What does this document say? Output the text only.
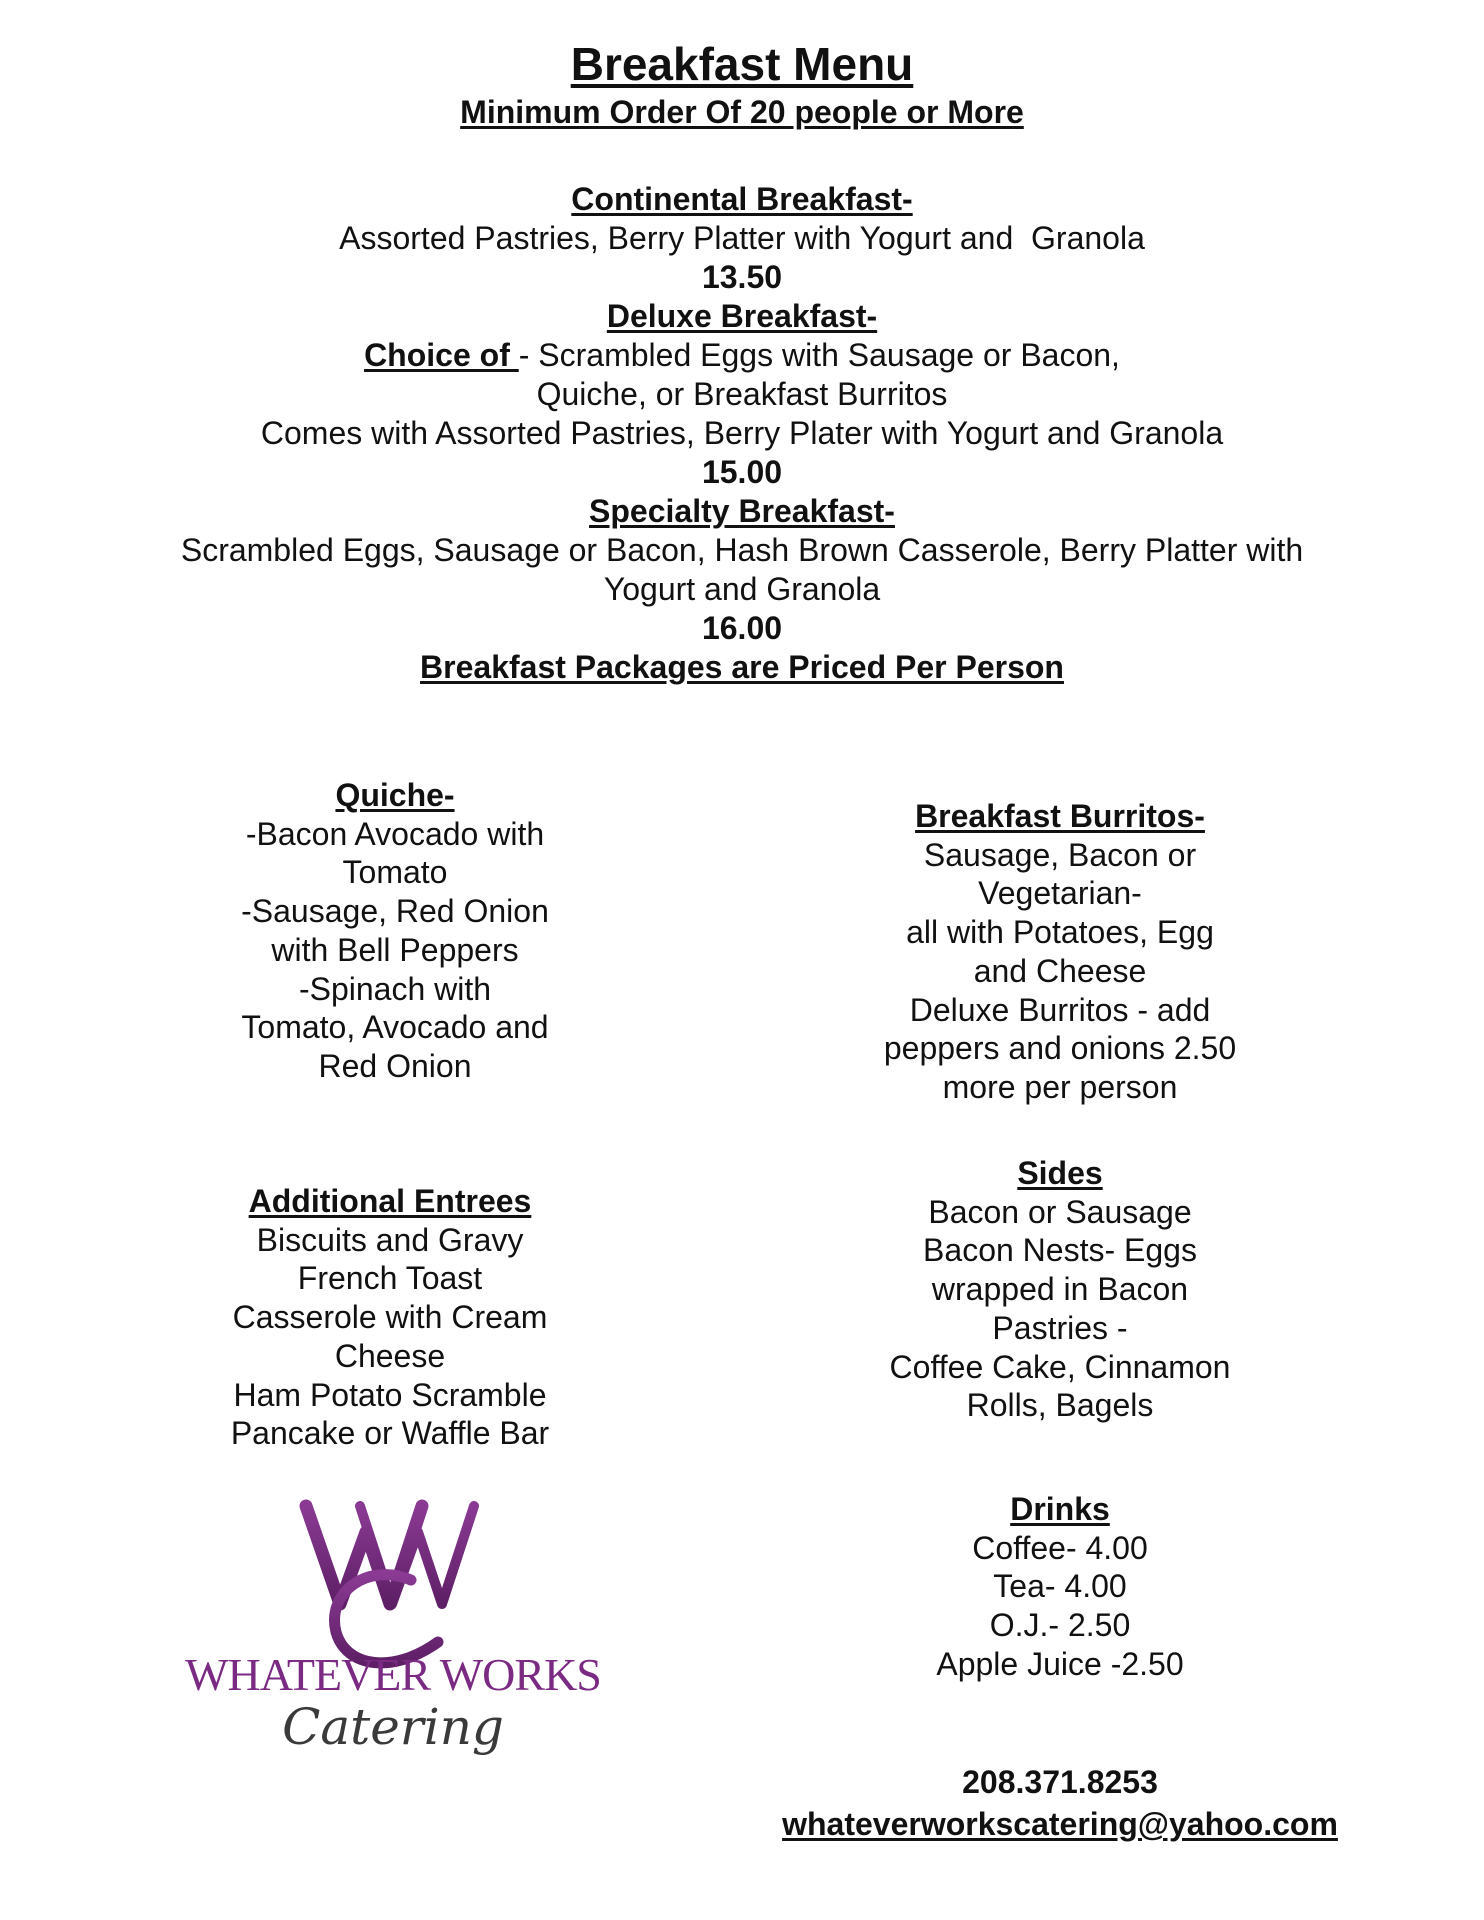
Breakfast Menu

Minimum Order Of 20 people or More

Continental Breakfast-

Assorted Pastries, Berry Platter with Yogurt and  Granola

13.50

Deluxe Breakfast-

Choice of - Scrambled Eggs with Sausage or Bacon,

Quiche, or Breakfast Burritos

Comes with Assorted Pastries, Berry Plater with Yogurt and Granola

15.00

Specialty Breakfast-

Scrambled Eggs, Sausage or Bacon, Hash Brown Casserole, Berry Platter with

Yogurt and Granola

16.00

Breakfast Packages are Priced Per Person

Quiche-

-Bacon Avocado with

Tomato

-Sausage, Red Onion

with Bell Peppers

-Spinach with

Tomato, Avocado and

Red Onion

Breakfast Burritos-

Sausage, Bacon or

Vegetarian-

all with Potatoes, Egg

and Cheese

Deluxe Burritos - add

peppers and onions 2.50

more per person

Additional Entrees

Biscuits and Gravy

French Toast

Casserole with Cream

Cheese

Ham Potato Scramble

Pancake or Waffle Bar

Sides

Bacon or Sausage

Bacon Nests- Eggs

wrapped in Bacon

Pastries -

Coffee Cake, Cinnamon

Rolls, Bagels

Drinks

Coffee- 4.00

Tea- 4.00

O.J.- 2.50

Apple Juice -2.50

208.371.8253
whateverworkscatering@yahoo.com
WHATEVER WORKS
Catering
